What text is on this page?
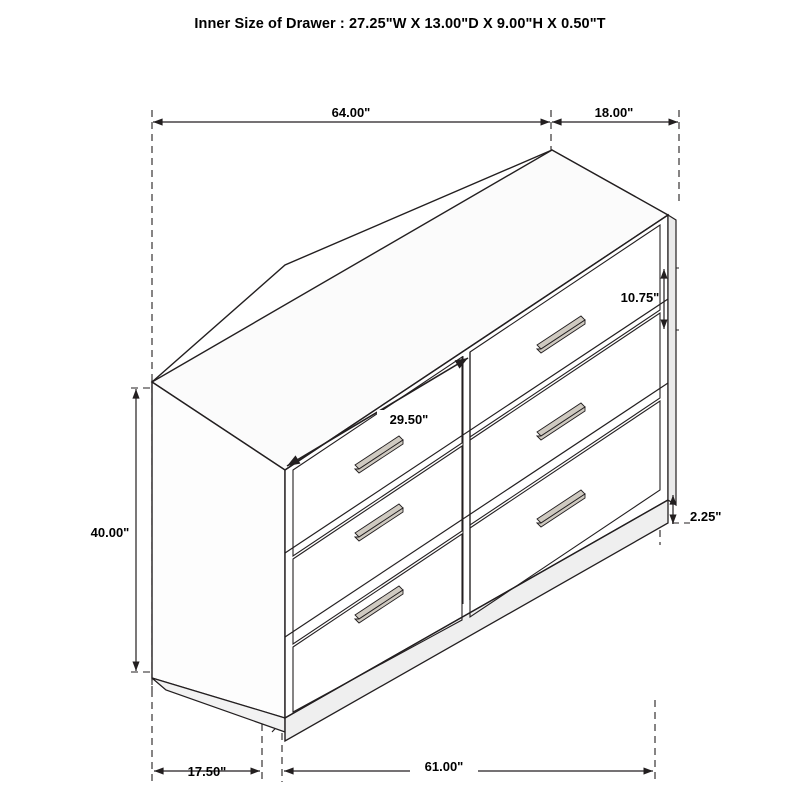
Inner Size of Drawer : 27.25"W X 13.00"D X 9.00"H X 0.50"T
64.00"	18.00"
10.75"
29.50"
40.00"
2.25"
17.50"	61.00"
